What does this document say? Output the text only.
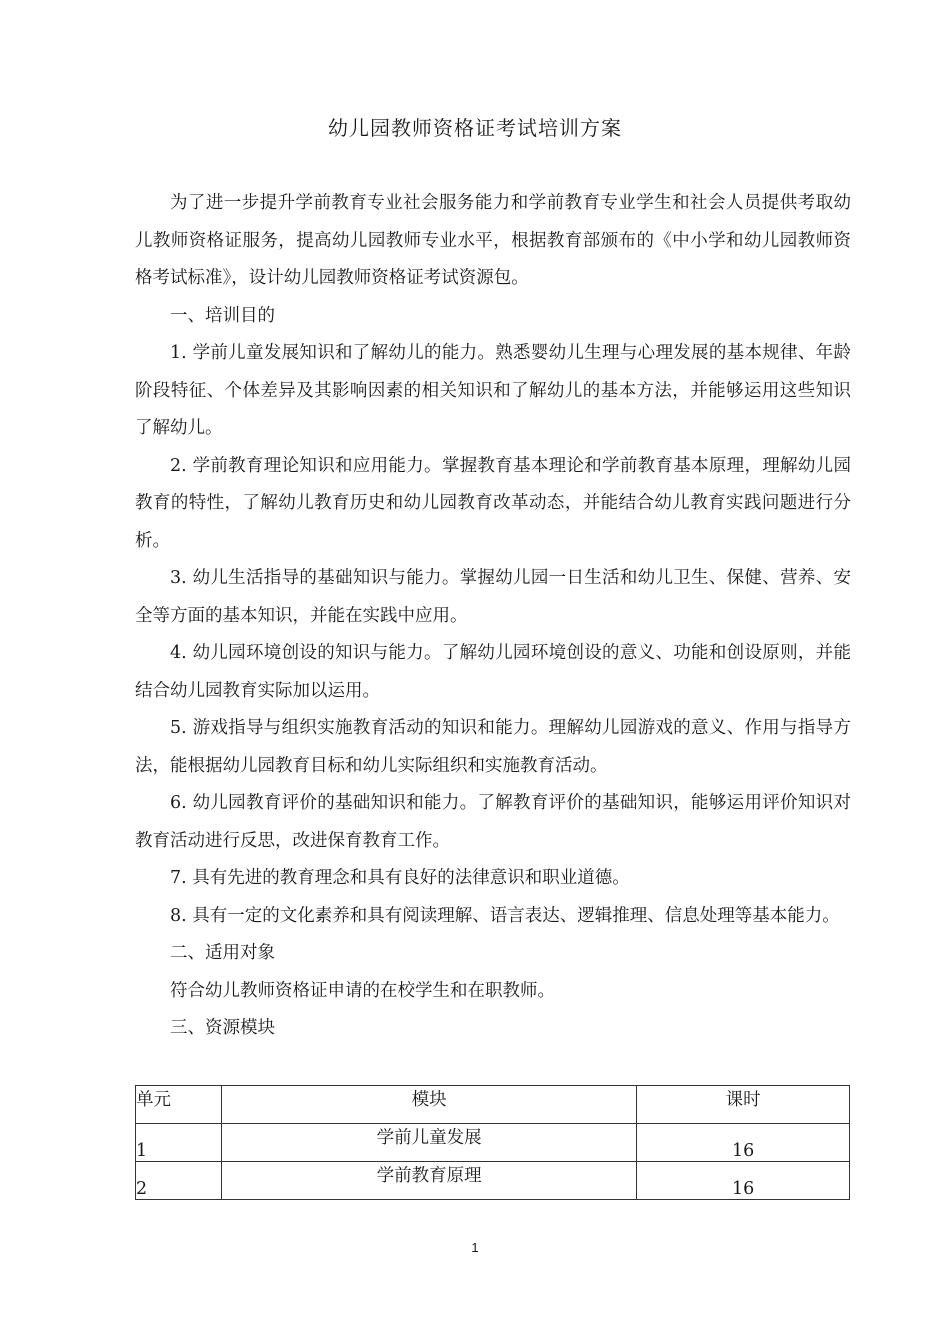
幼儿园教师资格证考试培训方案

为了进一步提升学前教育专业社会服务能力和学前教育专业学生和社会人员提供考取幼儿教师资格证服务，提高幼儿园教师专业水平，根据教育部颁布的《中小学和幼儿园教师资格考试标准》，设计幼儿园教师资格证考试资源包。

一、培训目的

1. 学前儿童发展知识和了解幼儿的能力。熟悉婴幼儿生理与心理发展的基本规律、年龄阶段特征、个体差异及其影响因素的相关知识和了解幼儿的基本方法，并能够运用这些知识了解幼儿。

2. 学前教育理论知识和应用能力。掌握教育基本理论和学前教育基本原理，理解幼儿园教育的特性，了解幼儿教育历史和幼儿园教育改革动态，并能结合幼儿教育实践问题进行分析。

3. 幼儿生活指导的基础知识与能力。掌握幼儿园一日生活和幼儿卫生、保健、营养、安全等方面的基本知识，并能在实践中应用。

4. 幼儿园环境创设的知识与能力。了解幼儿园环境创设的意义、功能和创设原则，并能结合幼儿园教育实际加以运用。

5. 游戏指导与组织实施教育活动的知识和能力。理解幼儿园游戏的意义、作用与指导方法，能根据幼儿园教育目标和幼儿实际组织和实施教育活动。

6. 幼儿园教育评价的基础知识和能力。了解教育评价的基础知识，能够运用评价知识对教育活动进行反思，改进保育教育工作。

7. 具有先进的教育理念和具有良好的法律意识和职业道德。

8. 具有一定的文化素养和具有阅读理解、语言表达、逻辑推理、信息处理等基本能力。

二、适用对象

符合幼儿教师资格证申请的在校学生和在职教师。

三、资源模块

单元	模块	课时
1	学前儿童发展	16
2	学前教育原理	16
1
